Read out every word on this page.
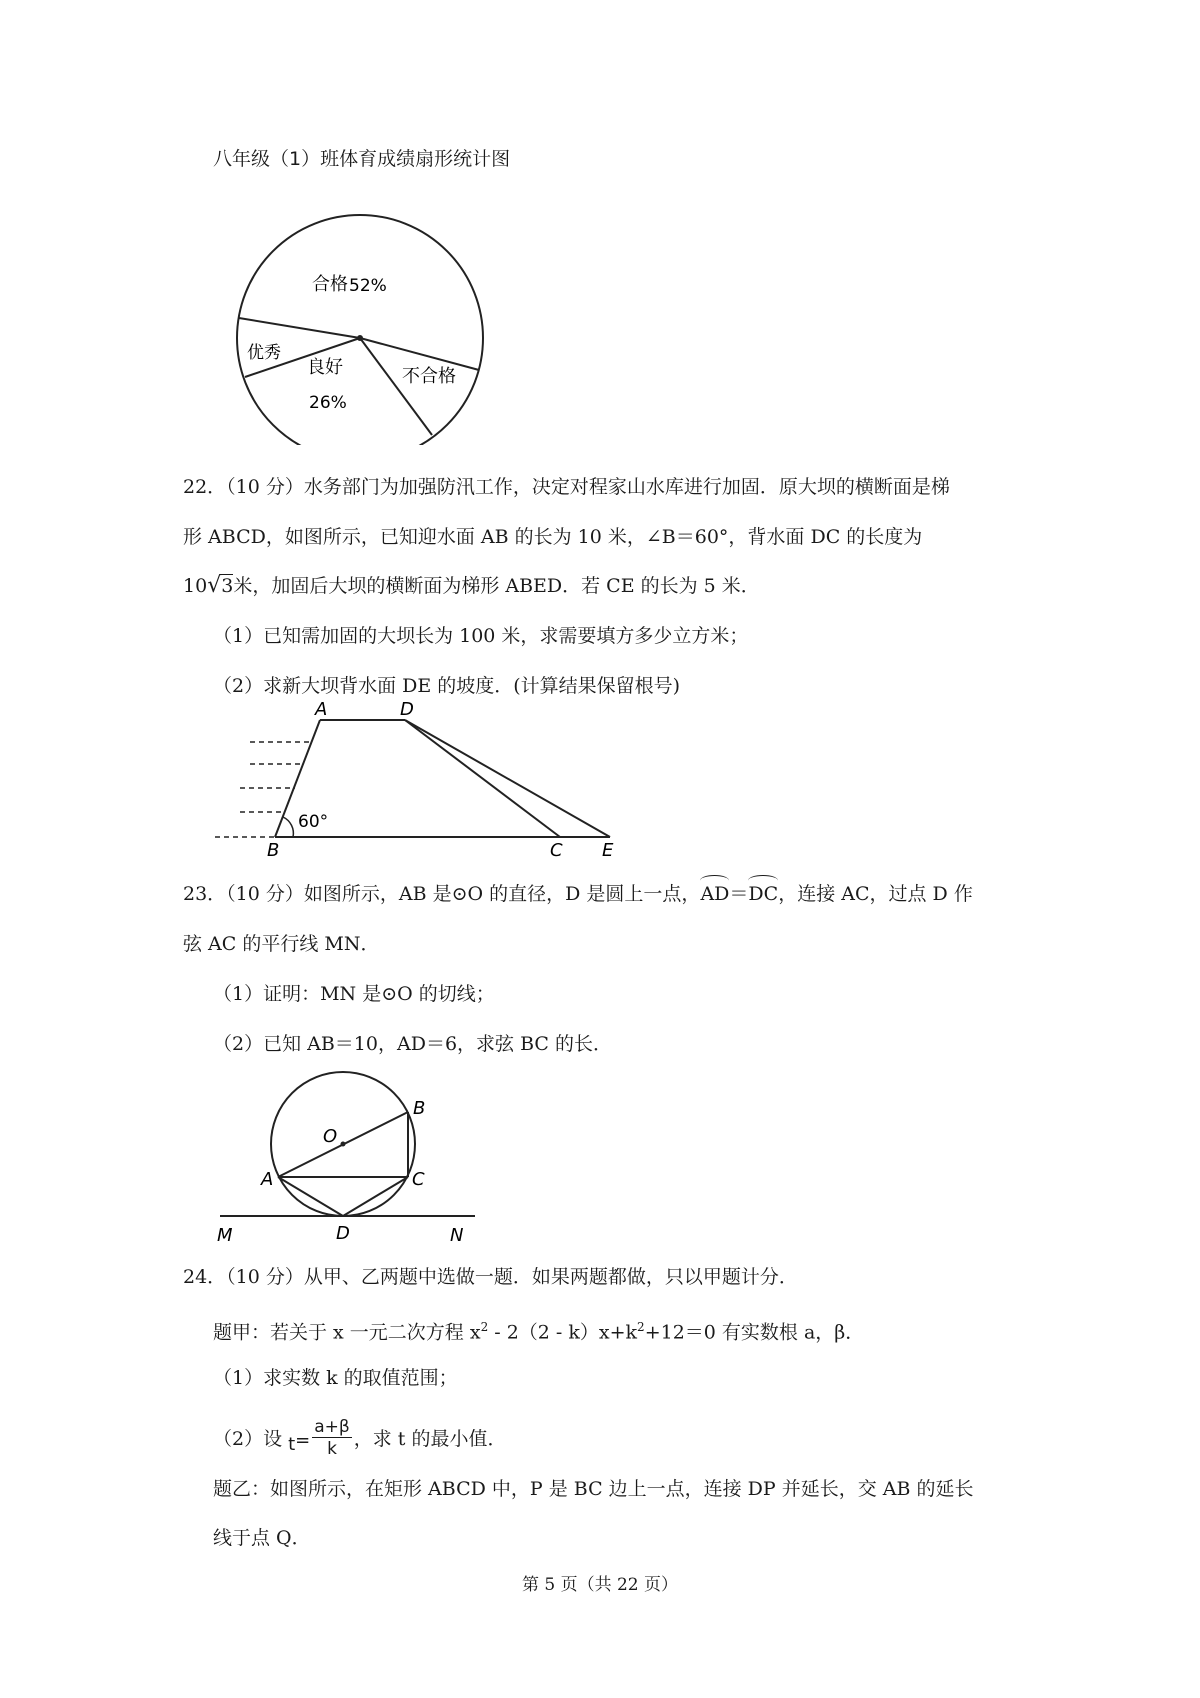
八年级（1）班体育成绩扇形统计图
合格 52%
优秀
良好
26%
不合格
22．（10 分）水务部门为加强防汛工作，决定对程家山水库进行加固．原大坝的横断面是梯
形 ABCD，如图所示，已知迎水面 AB 的长为 10 米，∠B＝60°，背水面 DC 的长度为
10√3米，加固后大坝的横断面为梯形 ABED．若 CE 的长为 5 米．
（1）已知需加固的大坝长为 100 米，求需要填方多少立方米；
（2）求新大坝背水面 DE 的坡度．(计算结果保留根号)
A	D
B	C E
60°
23．（10 分）如图所示，AB 是⊙O 的直径，D 是圆上一点，
AD＝
DC，连接 AC，过点 D 作
弦 AC 的平行线 MN．
（1）证明：MN 是⊙O 的切线；
（2）已知 AB＝10，AD＝6，求弦 BC 的长．
O
A
B
C
D
M	N
24．（10 分）从甲、乙两题中选做一题．如果两题都做，只以甲题计分．
题甲：若关于 x 一元二次方程 $x^2 - 2(2 - k)x+k^2+12=0$ 有实数根 a，β．
（1）求实数 k 的取值范围；
（2）设 $t = \frac{a+\beta}{k}$ ，求 t 的最小值．
题乙：如图所示，在矩形 ABCD 中，P 是 BC 边上一点，连接 DP 并延长，交 AB 的延长
线于点 Q．
第 5 页（共 22 页）
